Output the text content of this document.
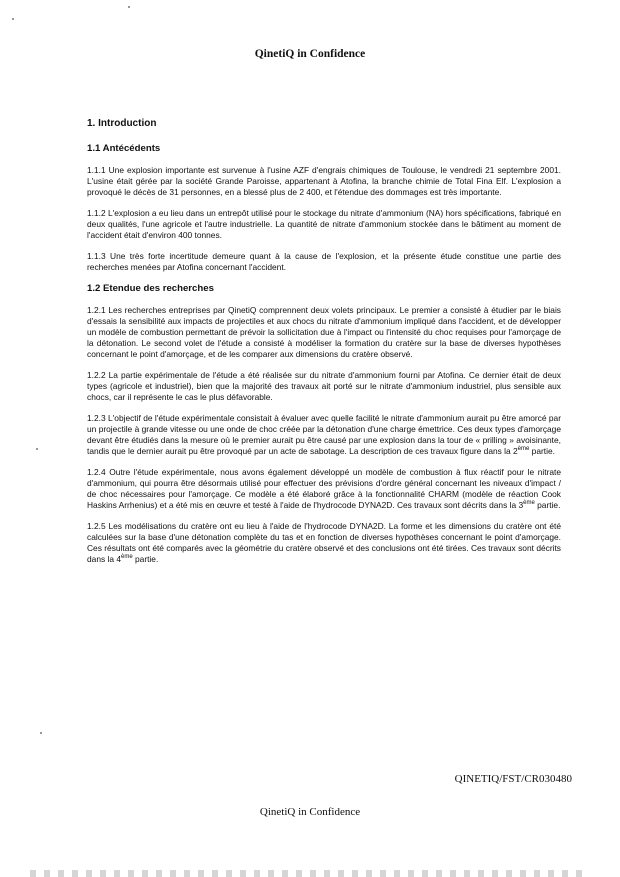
QinetiQ in Confidence
1. Introduction
1.1 Antécédents

1.1.1 Une explosion importante est survenue à l'usine AZF d'engrais chimiques de Toulouse, le vendredi 21 septembre 2001. L'usine était gérée par la société Grande Paroisse, appartenant à Atofina, la branche chimie de Total Fina Elf. L'explosion a provoqué le décès de 31 personnes, en a blessé plus de 2 400, et l'étendue des dommages est très importante.

1.1.2 L'explosion a eu lieu dans un entrepôt utilisé pour le stockage du nitrate d'ammonium (NA) hors spécifications, fabriqué en deux qualités, l'une agricole et l'autre industrielle. La quantité de nitrate d'ammonium stockée dans le bâtiment au moment de l'accident était d'environ 400 tonnes.

1.1.3 Une très forte incertitude demeure quant à la cause de l'explosion, et la présente étude constitue une partie des recherches menées par Atofina concernant l'accident.

1.2 Etendue des recherches

1.2.1 Les recherches entreprises par QinetiQ comprennent deux volets principaux. Le premier a consisté à étudier par le biais d'essais la sensibilité aux impacts de projectiles et aux chocs du nitrate d'ammonium impliqué dans l'accident, et de développer un modèle de combustion permettant de prévoir la sollicitation due à l'impact ou l'intensité du choc requises pour l'amorçage de la détonation. Le second volet de l'étude a consisté à modéliser la formation du cratère sur la base de diverses hypothèses concernant le point d'amorçage, et de les comparer aux dimensions du cratère observé.

1.2.2 La partie expérimentale de l'étude a été réalisée sur du nitrate d'ammonium fourni par Atofina. Ce dernier était de deux types (agricole et industriel), bien que la majorité des travaux ait porté sur le nitrate d'ammonium industriel, plus sensible aux chocs, car il représente le cas le plus défavorable.

1.2.3 L'objectif de l'étude expérimentale consistait à évaluer avec quelle facilité le nitrate d'ammonium aurait pu être amorcé par un projectile à grande vitesse ou une onde de choc créée par la détonation d'une charge émettrice. Ces deux types d'amorçage devant être étudiés dans la mesure où le premier aurait pu être causé par une explosion dans la tour de « prilling » avoisinante, tandis que le dernier aurait pu être provoqué par un acte de sabotage. La description de ces travaux figure dans la 2ème partie.

1.2.4 Outre l'étude expérimentale, nous avons également développé un modèle de combustion à flux réactif pour le nitrate d'ammonium, qui pourra être désormais utilisé pour effectuer des prévisions d'ordre général concernant les niveaux d'impact / de choc nécessaires pour l'amorçage. Ce modèle a été élaboré grâce à la fonctionnalité CHARM (modèle de réaction Cook Haskins Arrhenius) et a été mis en œuvre et testé à l'aide de l'hydrocode DYNA2D. Ces travaux sont décrits dans la 3ème partie.

1.2.5 Les modélisations du cratère ont eu lieu à l'aide de l'hydrocode DYNA2D. La forme et les dimensions du cratère ont été calculées sur la base d'une détonation complète du tas et en fonction de diverses hypothèses concernant le point d'amorçage. Ces résultats ont été comparés avec la géométrie du cratère observé et des conclusions ont été tirées. Ces travaux sont décrits dans la 4ème partie.

QINETIQ/FST/CR030480
QinetiQ in Confidence
